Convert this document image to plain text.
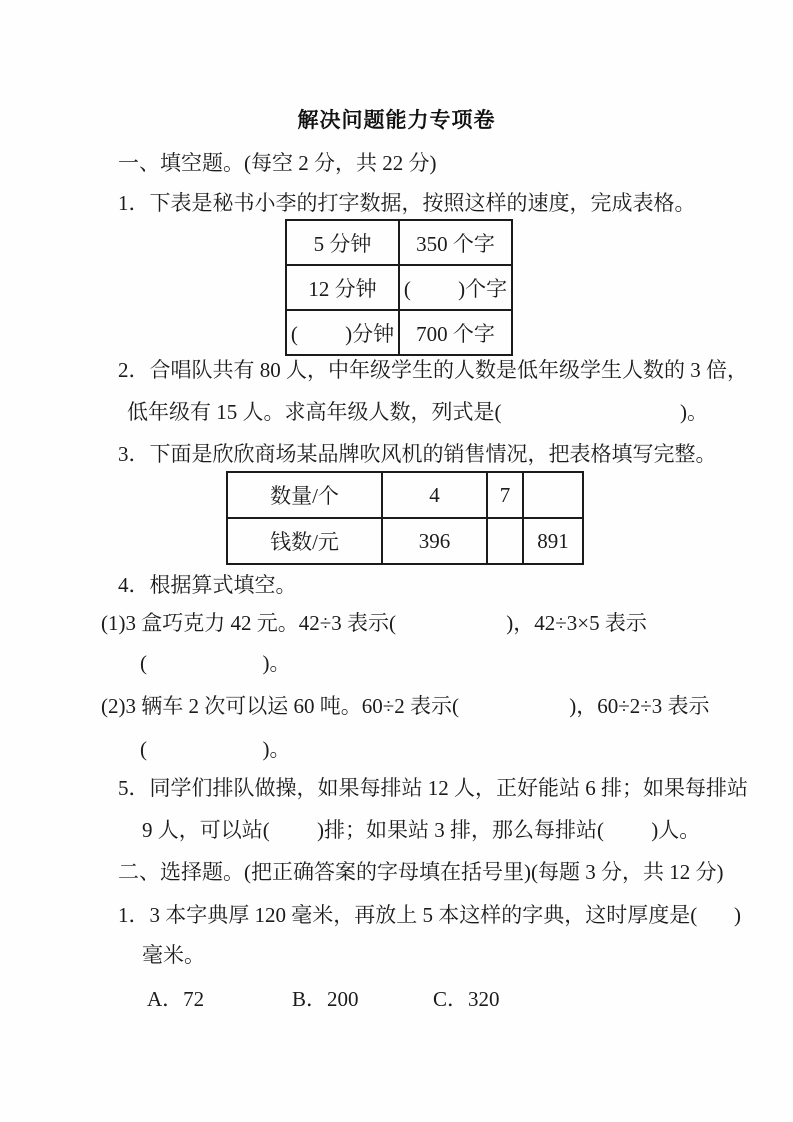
解决问题能力专项卷
一、填空题。(每空 2 分，共 22 分)
1．下表是秘书小李的打字数据，按照这样的速度，完成表格。
5 分钟	350 个字
12 分钟	(         )个字
(         )分钟	700 个字
2．合唱队共有 80 人，中年级学生的人数是低年级学生人数的 3 倍，
低年级有 15 人。求高年级人数，列式是(                                  )。
3．下面是欣欣商场某品牌吹风机的销售情况，把表格填写完整。
数量/个	4	7	
钱数/元	396		891
4．根据算式填空。
(1)3 盒巧克力 42 元。42÷3 表示(                     )，42÷3×5 表示
(                      )。
(2)3 辆车 2 次可以运 60 吨。60÷2 表示(                     )，60÷2÷3 表示
(                      )。
5．同学们排队做操，如果每排站 12 人，正好能站 6 排；如果每排站
9 人，可以站(         )排；如果站 3 排，那么每排站(         )人。
二、选择题。(把正确答案的字母填在括号里)(每题 3 分，共 12 分)
1．3 本字典厚 120 毫米，再放上 5 本这样的字典，这时厚度是(       )
毫米。
A．72	B．200	C．320
